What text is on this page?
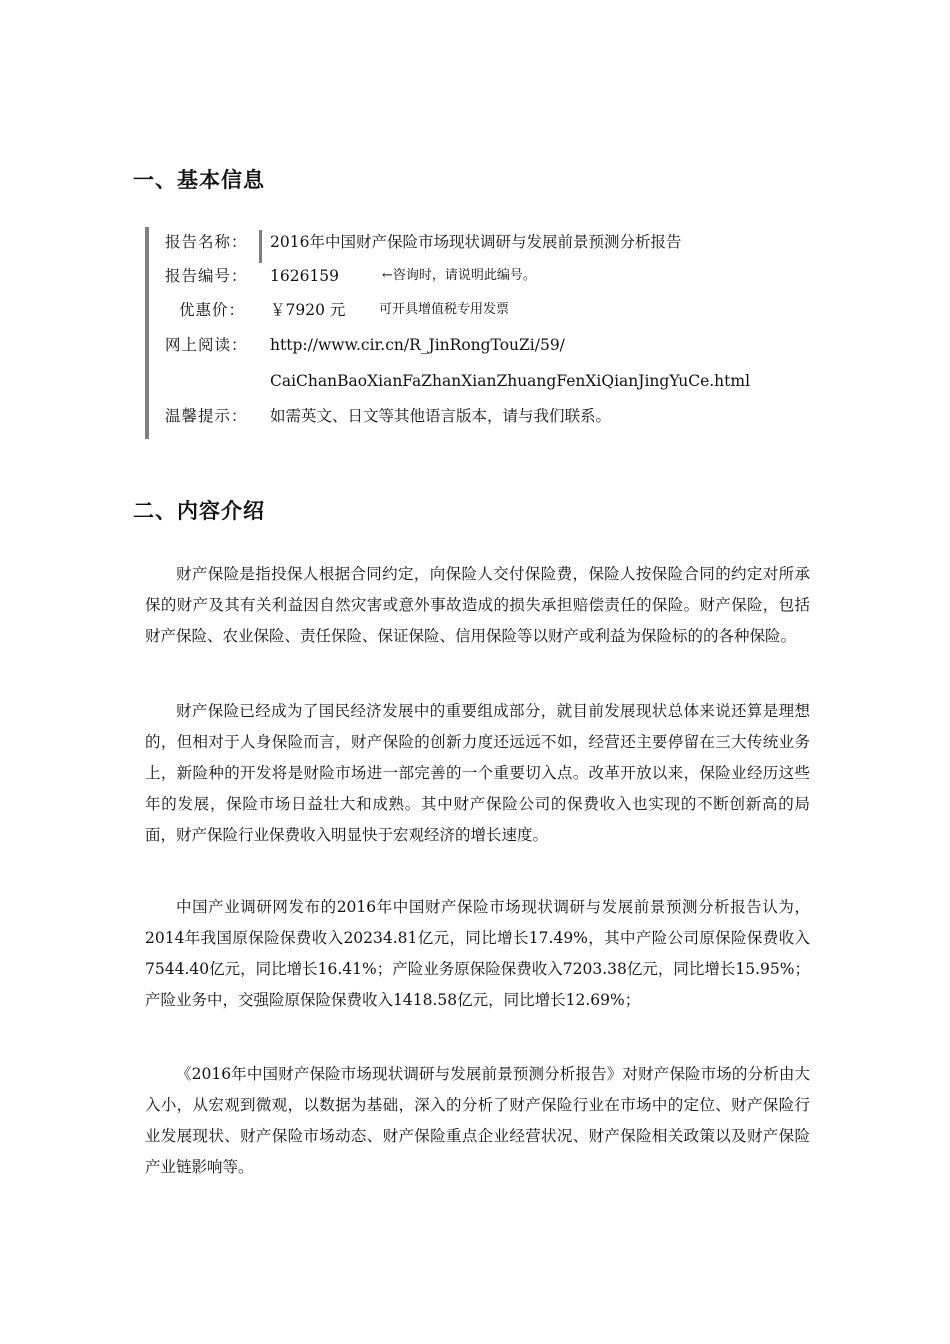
一、基本信息
报告名称： 2016年中国财产保险市场现状调研与发展前景预测分析报告
报告编号： 1626159	←咨询时，请说明此编号。
优惠价： ￥7920 元	可开具增值税专用发票
网上阅读： http://www.cir.cn/R_JinRongTouZi/59/
CaiChanBaoXianFaZhanXianZhuangFenXiQianJingYuCe.html
温馨提示： 如需英文、日文等其他语言版本，请与我们联系。
二、内容介绍

财产保险是指投保人根据合同约定，向保险人交付保险费，保险人按保险合同的约定对所承保的财产及其有关利益因自然灾害或意外事故造成的损失承担赔偿责任的保险。财产保险，包括财产保险、农业保险、责任保险、保证保险、信用保险等以财产或利益为保险标的的各种保险。

财产保险已经成为了国民经济发展中的重要组成部分，就目前发展现状总体来说还算是理想的，但相对于人身保险而言，财产保险的创新力度还远远不如，经营还主要停留在三大传统业务上，新险种的开发将是财险市场进一部完善的一个重要切入点。改革开放以来，保险业经历这些年的发展，保险市场日益壮大和成熟。其中财产保险公司的保费收入也实现的不断创新高的局面，财产保险行业保费收入明显快于宏观经济的增长速度。

中国产业调研网发布的2016年中国财产保险市场现状调研与发展前景预测分析报告认为，2014年我国原保险保费收入20234.81亿元，同比增长17.49%，其中产险公司原保险保费收入7544.40亿元，同比增长16.41%；产险业务原保险保费收入7203.38亿元，同比增长15.95%；产险业务中，交强险原保险保费收入1418.58亿元，同比增长12.69%；

《2016年中国财产保险市场现状调研与发展前景预测分析报告》对财产保险市场的分析由大入小，从宏观到微观，以数据为基础，深入的分析了财产保险行业在市场中的定位、财产保险行业发展现状、财产保险市场动态、财产保险重点企业经营状况、财产保险相关政策以及财产保险产业链影响等。
